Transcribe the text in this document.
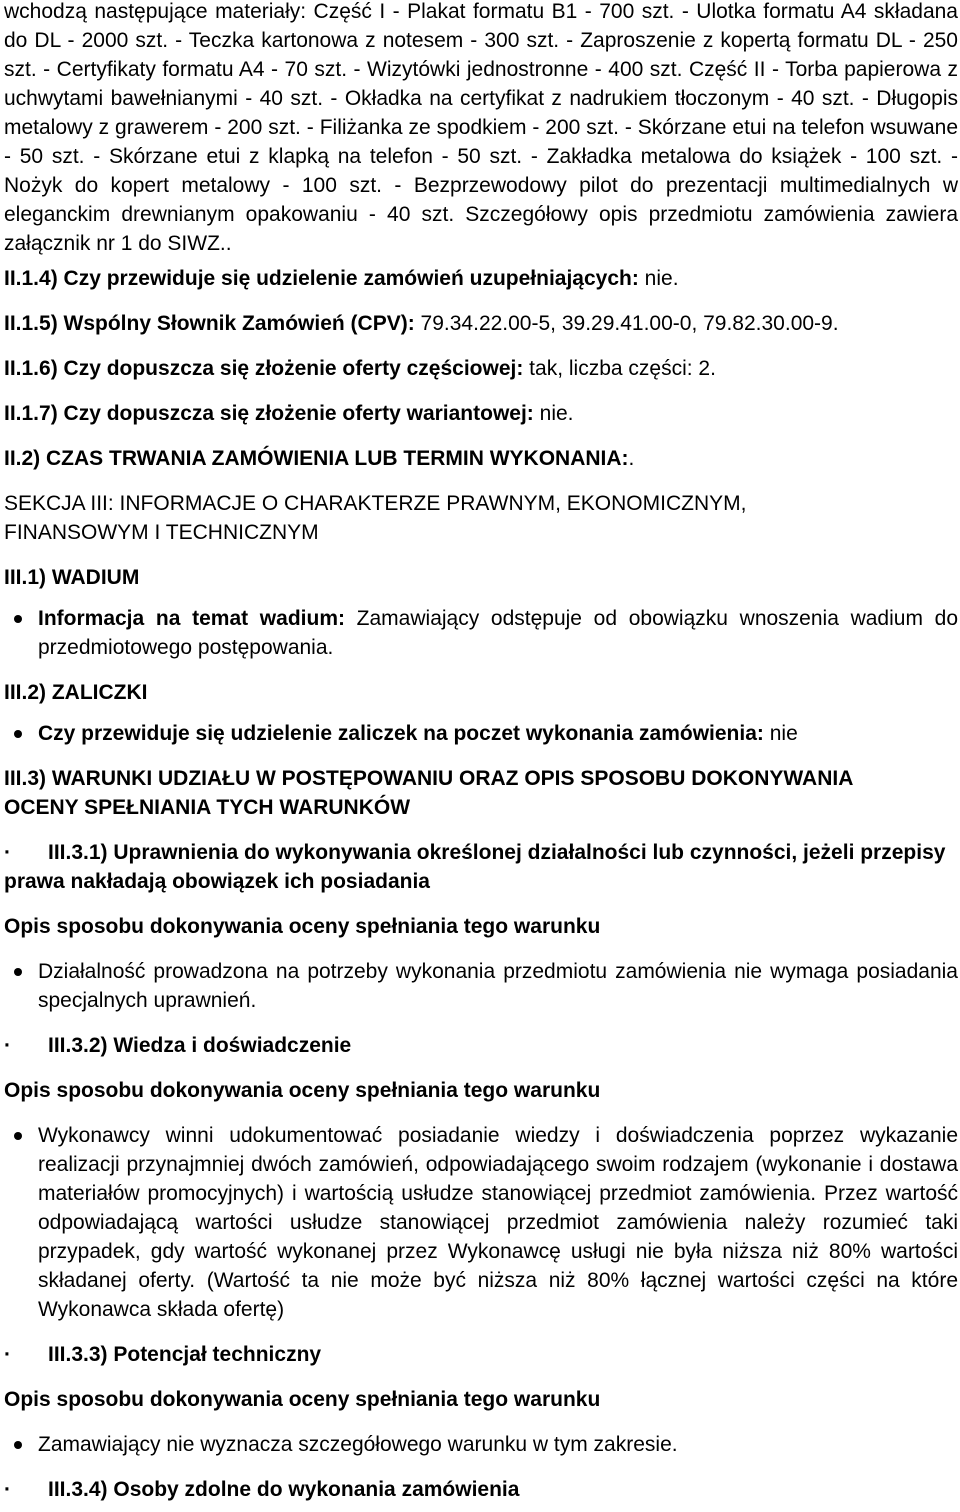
wchodzą następujące materiały: Część I - Plakat formatu B1 - 700 szt. - Ulotka formatu A4 składana do DL - 2000 szt. - Teczka kartonowa z notesem - 300 szt. - Zaproszenie z kopertą formatu DL - 250 szt. - Certyfikaty formatu A4 - 70 szt. - Wizytówki jednostronne - 400 szt. Część II - Torba papierowa z uchwytami bawełnianymi - 40 szt. - Okładka na certyfikat z nadrukiem tłoczonym - 40 szt. - Długopis metalowy z grawerem - 200 szt. - Filiżanka ze spodkiem - 200 szt. - Skórzane etui na telefon wsuwane - 50 szt. - Skórzane etui z klapką na telefon - 50 szt. - Zakładka metalowa do książek - 100 szt. - Nożyk do kopert metalowy - 100 szt. - Bezprzewodowy pilot do prezentacji multimedialnych w eleganckim drewnianym opakowaniu - 40 szt. Szczegółowy opis przedmiotu zamówienia zawiera załącznik nr 1 do SIWZ..

II.1.4) Czy przewiduje się udzielenie zamówień uzupełniających: nie.

II.1.5) Wspólny Słownik Zamówień (CPV): 79.34.22.00-5, 39.29.41.00-0, 79.82.30.00-9.

II.1.6) Czy dopuszcza się złożenie oferty częściowej: tak, liczba części: 2.

II.1.7) Czy dopuszcza się złożenie oferty wariantowej: nie.

II.2) CZAS TRWANIA ZAMÓWIENIA LUB TERMIN WYKONANIA:.

SEKCJA III: INFORMACJE O CHARAKTERZE PRAWNYM, EKONOMICZNYM,
FINANSOWYM I TECHNICZNYM

III.1) WADIUM

Informacja na temat wadium: Zamawiający odstępuje od obowiązku wnoszenia wadium do przedmiotowego postępowania.

III.2) ZALICZKI

Czy przewiduje się udzielenie zaliczek na poczet wykonania zamówienia: nie
III.3) WARUNKI UDZIAŁU W POSTĘPOWANIU ORAZ OPIS SPOSOBU DOKONYWANIA
OCENY SPEŁNIANIA TYCH WARUNKÓW

· III.3.1) Uprawnienia do wykonywania określonej działalności lub czynności, jeżeli przepisy prawa nakładają obowiązek ich posiadania

Opis sposobu dokonywania oceny spełniania tego warunku

Działalność prowadzona na potrzeby wykonania przedmiotu zamówienia nie wymaga posiadania specjalnych uprawnień.

· III.3.2) Wiedza i doświadczenie

Opis sposobu dokonywania oceny spełniania tego warunku

Wykonawcy winni udokumentować posiadanie wiedzy i doświadczenia poprzez wykazanie realizacji przynajmniej dwóch zamówień, odpowiadającego swoim rodzajem (wykonanie i dostawa materiałów promocyjnych) i wartością usłudze stanowiącej przedmiot zamówienia. Przez wartość odpowiadającą wartości usłudze stanowiącej przedmiot zamówienia należy rozumieć taki przypadek, gdy wartość wykonanej przez Wykonawcę usługi nie była niższa niż 80% wartości składanej oferty. (Wartość ta nie może być niższa niż 80% łącznej wartości części na które Wykonawca składa ofertę)

· III.3.3) Potencjał techniczny

Opis sposobu dokonywania oceny spełniania tego warunku

Zamawiający nie wyznacza szczegółowego warunku w tym zakresie.

· III.3.4) Osoby zdolne do wykonania zamówienia
